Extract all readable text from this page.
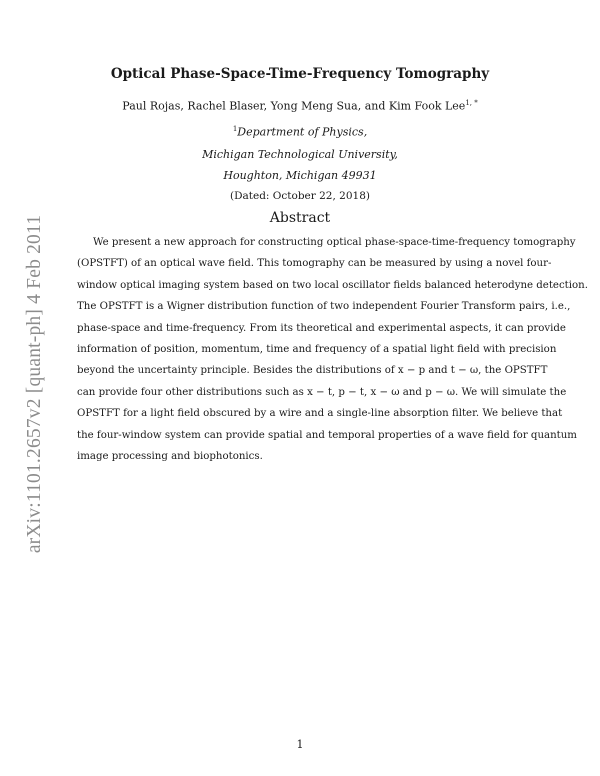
arXiv:1101.2657v2 [quant-ph] 4 Feb 2011
Optical Phase-Space-Time-Frequency Tomography
Paul Rojas, Rachel Blaser, Yong Meng Sua, and Kim Fook Lee$^{1, *}$
$^1$Department of Physics,
Michigan Technological University,
Houghton, Michigan 49931
(Dated: October 22, 2018)
Abstract
We present a new approach for constructing optical phase-space-time-frequency tomography
(OPSTFT) of an optical wave field. This tomography can be measured by using a novel four-
window optical imaging system based on two local oscillator fields balanced heterodyne detection.
The OPSTFT is a Wigner distribution function of two independent Fourier Transform pairs, i.e.,
phase-space and time-frequency. From its theoretical and experimental aspects, it can provide
information of position, momentum, time and frequency of a spatial light field with precision
beyond the uncertainty principle. Besides the distributions of x − p and t − ω, the OPSTFT
can provide four other distributions such as x − t, p − t, x − ω and p − ω. We will simulate the
OPSTFT for a light field obscured by a wire and a single-line absorption filter. We believe that
the four-window system can provide spatial and temporal properties of a wave field for quantum
image processing and biophotonics.
1
